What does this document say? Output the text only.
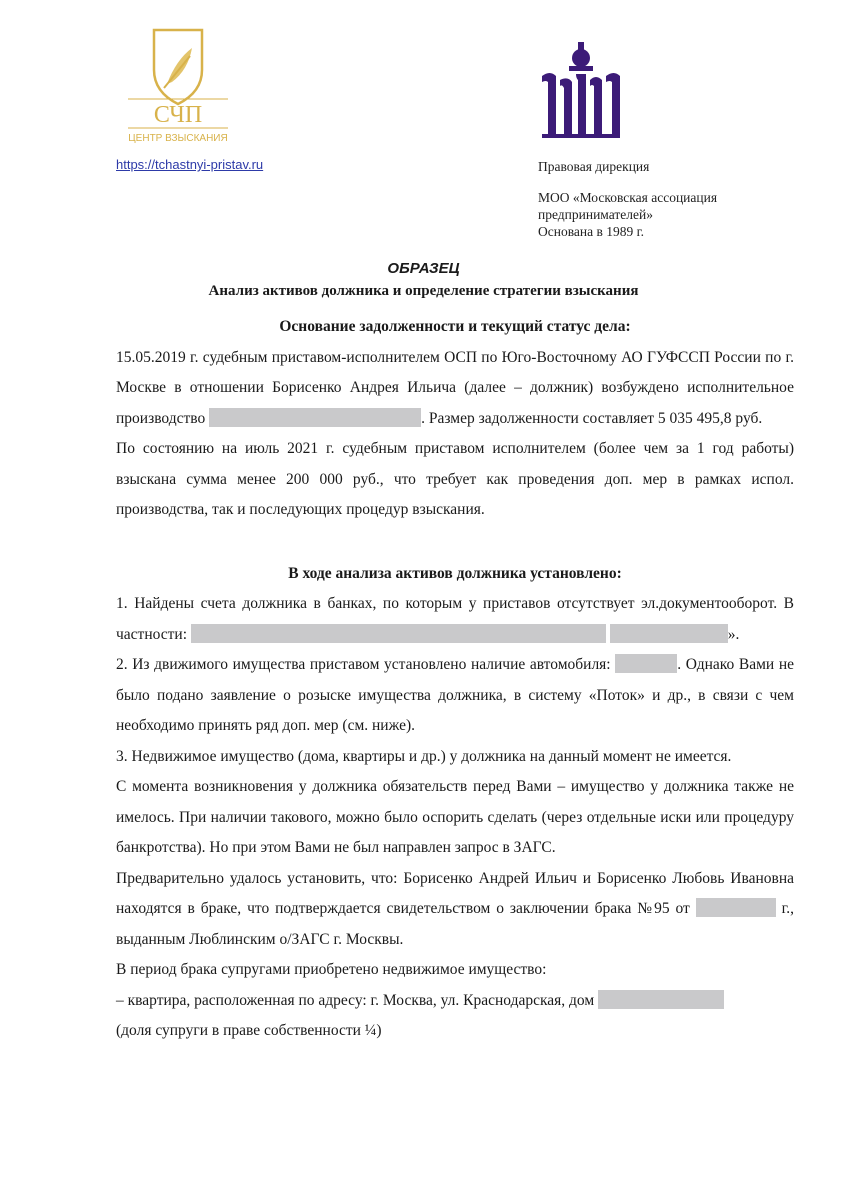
СЧП
ЦЕНТР ВЗЫСКАНИЯ
https://tchastnyi-pristav.ru	Правовая дирекция
МОО «Московская ассоциация предпринимателей»
Основана в 1989 г.
ОБРАЗЕЦ
Анализ активов должника и определение стратегии взыскания
Основание задолженности и текущий статус дела:

15.05.2019 г. судебным приставом-исполнителем ОСП по Юго-Восточному АО ГУФССП России по г. Москве в отношении Борисенко Андрея Ильича (далее – должник) возбуждено исполнительное производство	. Размер задолженности составляет 5 035 495,8 руб.

По состоянию на июль 2021 г. судебным приставом исполнителем (более чем за 1 год работы) взыскана сумма менее 200 000 руб., что требует как проведения доп. мер в рамках испол. производства, так и последующих процедур взыскания.

В ходе анализа активов должника установлено:

1. Найдены счета должника в банках, по которым у приставов отсутствует эл.документооборот. В частности:	».

2. Из движимого имущества приставом установлено наличие автомобиля:	. Однако Вами не было подано заявление о розыске имущества должника, в систему «Поток» и др., в связи с чем необходимо принять ряд доп. мер (см. ниже).

3. Недвижимое имущество (дома, квартиры и др.) у должника на данный момент не имеется.

С момента возникновения у должника обязательств перед Вами – имущество у должника также не имелось. При наличии такового, можно было оспорить сделать (через отдельные иски или процедуру банкротства). Но при этом Вами не был направлен запрос в ЗАГС.

Предварительно удалось установить, что: Борисенко Андрей Ильич и Борисенко Любовь Ивановна находятся в браке, что подтверждается свидетельством о заключении брака №95 от	г., выданным Люблинским о/ЗАГС г. Москвы.

В период брака супругами приобретено недвижимое имущество:

– квартира, расположенная по адресу: г. Москва, ул. Краснодарская, дом

(доля супруги в праве собственности ¼)
